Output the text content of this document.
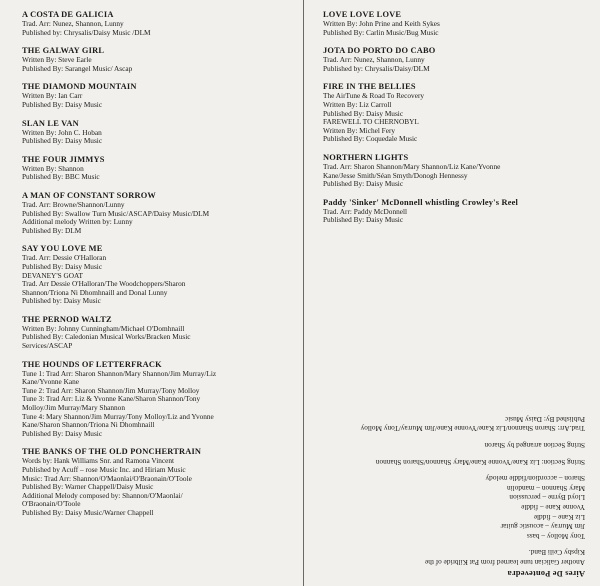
A COSTA DE GALICIA
Trad. Arr: Nunez, Shannon, Lunny
Published by: Chrysalis/Daisy Music /DLM
THE GALWAY GIRL
Written By: Steve Earle
Published By: Sarangel Music/ Ascap
THE DIAMOND MOUNTAIN
Written By: Ian Carr
Published By: Daisy Music
SLAN LE VAN
Written By: John C. Hoban
Published By: Daisy Music
THE FOUR JIMMYS
Written By: Shannon
Published By: BBC Music
A MAN OF CONSTANT SORROW
Trad. Arr: Browne/Shannon/Lunny
Published By: Swallow Turn Music/ASCAP/Daisy Music/DLM
Additional melody Written by: Lunny
Published By: DLM
SAY YOU LOVE ME
Trad. Arr: Dessie O'Halloran
Published By: Daisy Music
DEVANEY'S GOAT
Trad. Arr Dessie O'Halloran/The Woodchoppers/Sharon
Shannon/Triona Ni Dhomhnaill and Donal Lunny
Published by: Daisy Music
THE PERNOD WALTZ
Written By: Johnny Cunningham/Michael O'Domhnaill
Published By: Caledonian Musical Works/Bracken Music
Services/ASCAP
THE HOUNDS OF LETTERFRACK
Tune 1: Trad Arr: Sharon Shannon/Mary Shannon/Jim Murray/Liz
Kane/Yvonne Kane
Tune 2: Trad Arr: Sharon Shannon/Jim Murray/Tony Molloy
Tune 3: Trad Arr: Liz & Yvonne Kane/Sharon Shannon/Tony
Molloy/Jim Murray/Mary Shannon
Tune 4: Mary Shannon/Jim Murray/Tony Molloy/Liz and Yvonne
Kane/Sharon Shannon/Triona Ni Dhomhnaill
Published By: Daisy Music
THE BANKS OF THE OLD PONCHERTRAIN
Words by: Hank Williams Snr. and Ramona Vincent
Published by Acuff – rose Music Inc. and Hiriam Music
Music: Trad Arr: Shannon/O'Maonlai/O'Braonain/O'Toole
Published By: Warner Chappell/Daisy Music
Additional Melody composed by: Shannon/O'Maonlai/
O'Braonain/O'Toole
Published By: Daisy Music/Warner Chappell
LOVE LOVE LOVE
Written By: John Prine and Keith Sykes
Published By: Carlin Music/Bug Music
JOTA DO PORTO DO CABO
Trad. Arr: Nunez, Shannon, Lunny
Published by: Chrysalis/Daisy/DLM
FIRE IN THE BELLIES
The AirTune & Road To Recovery
Written By: Liz Carroll
Published By: Daisy Music
FAREWELL TO CHERNOBYL
Written By: Michel Fery
Published By: Coquedale Music
NORTHERN LIGHTS
Trad. Arr: Sharon Shannon/Mary Shannon/Liz Kane/Yvonne
Kane/Jesse Smith/Séan Smyth/Donogh Hennessy
Published By: Daisy Music
Paddy 'Sinker' McDonnell whistling Crowley's Reel
Trad. Arr: Paddy McDonnell
Published By: Daisy Music
Aires De Pontevedra
Another Galician tune learned from Pat Kilbride of the
Kipsby Ceili Band.
Tony Molloy – bass
Jim Murray – acoustic guitar
Liz Kane – fiddle
Yvonne Kane – fiddle
Lloyd Byrne – percussion
Mary Shannon – mandolin
Sharon – accordion/fiddle melody
String Section: Liz Kane/Yvonne Kane/Mary Shannon/Sharon Shannon
String Section arranged by Sharon
Trad.Arr: Sharon Shannon/Liz Kane/Yvonne Kane/Jim Murray/Tony Molloy
Published By: Daisy Music
